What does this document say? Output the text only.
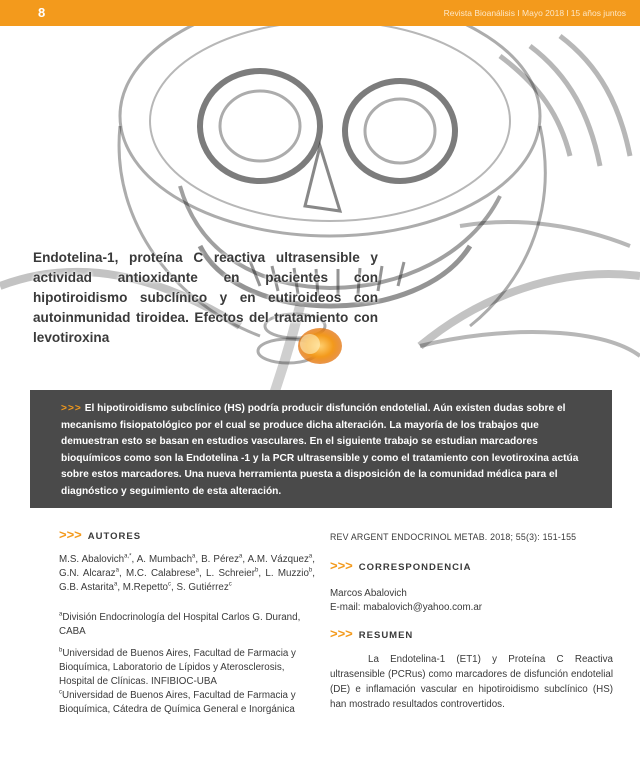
8	Revista Bioanálisis I Mayo 2018 l 15 años juntos
Endotelina-1, proteína C reactiva ultrasensible y actividad antioxidante en pacientes con hipotiroidismo subclínico y en eutiroideos con autoinmunidad tiroidea. Efectos del tratamiento con levotiroxina

>>> El hipotiroidismo subclínico (HS) podría producir disfunción endotelial. Aún existen dudas sobre el mecanismo fisiopatológico por el cual se produce dicha alteración. La mayoría de los trabajos que demuestran esto se basan en estudios vasculares. En el siguiente trabajo se estudian marcadores bioquímicos como son la Endotelina -1 y la PCR ultrasensible y como el tratamiento con levotiroxina actúa sobre estos marcadores. Una nueva herramienta puesta a disposición de la comunidad médica para el diagnóstico y seguimiento de esta alteración.

>>> AUTORES
M.S. Abalovich$^{a,*}$, A. Mumbach$^a$, B. Pérez$^a$, A.M. Vázquez$^a$, G.N. Alcaraz$^a$, M.C. Calabrese$^a$, L. Schreier$^b$, L. Muzzio$^b$, G.B. Astarita$^a$, M.Repetto$^c$, S. Gutiérrez$^c$

$^a$División Endocrinología del Hospital Carlos G. Durand, CABA

$^b$Universidad de Buenos Aires, Facultad de Farmacia y Bioquímica, Laboratorio de Lípidos y Aterosclerosis, Hospital de Clínicas. INFIBIOC-UBA

$^c$Universidad de Buenos Aires, Facultad de Farmacia y Bioquímica, Cátedra de Química General e Inorgánica

REV ARGENT ENDOCRINOL METAB. 2018; 55(3): 151-155
>>> CORRESPONDENCIA

Marcos Abalovich

E-mail: mabalovich@yahoo.com.ar

>>> RESUMEN
La Endotelina-1 (ET1) y Proteína C Reactiva ultrasensible (PCRus) como marcadores de disfunción endotelial (DE) e inflamación vascular en hipotiroidismo subclínico (HS) han mostrado resultados controvertidos.
